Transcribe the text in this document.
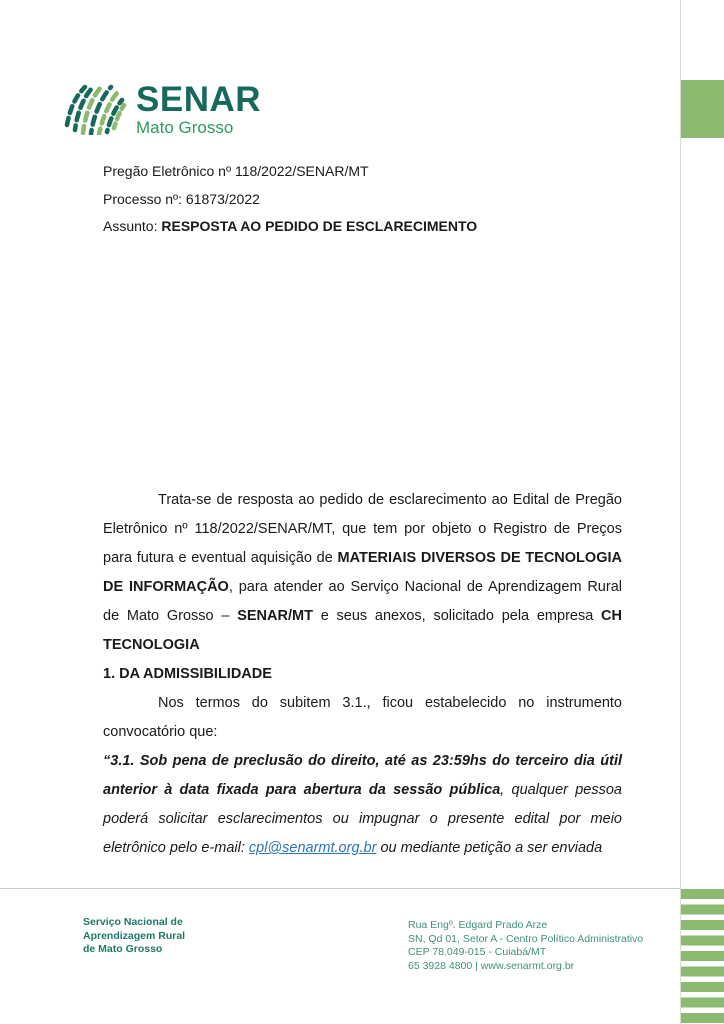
SENAR
Mato Grosso
Pregão Eletrônico nº 118/2022/SENAR/MT
Processo nº: 61873/2022
Assunto: RESPOSTA AO PEDIDO DE ESCLARECIMENTO

Trata-se de resposta ao pedido de esclarecimento ao Edital de Pregão Eletrônico nº 118/2022/SENAR/MT, que tem por objeto o Registro de Preços para futura e eventual aquisição de MATERIAIS DIVERSOS DE TECNOLOGIA DE INFORMAÇÃO, para atender ao Serviço Nacional de Aprendizagem Rural de Mato Grosso – SENAR/MT e seus anexos, solicitado pela empresa CH TECNOLOGIA

1. DA ADMISSIBILIDADE

Nos termos do subitem 3.1., ficou estabelecido no instrumento convocatório que:

“3.1. Sob pena de preclusão do direito, até as 23:59hs do terceiro dia útil anterior à data fixada para abertura da sessão pública, qualquer pessoa poderá solicitar esclarecimentos ou impugnar o presente edital por meio eletrônico pelo e-mail: cpl@senarmt.org.br ou mediante petição a ser enviada

Serviço Nacional de
Aprendizagem Rural
de Mato Grosso
Rua Engº. Edgard Prado Arze
SN, Qd 01, Setor A - Centro Político Administrativo
CEP 78.049-015 - Cuiabá/MT
65 3928 4800 | www.senarmt.org.br
